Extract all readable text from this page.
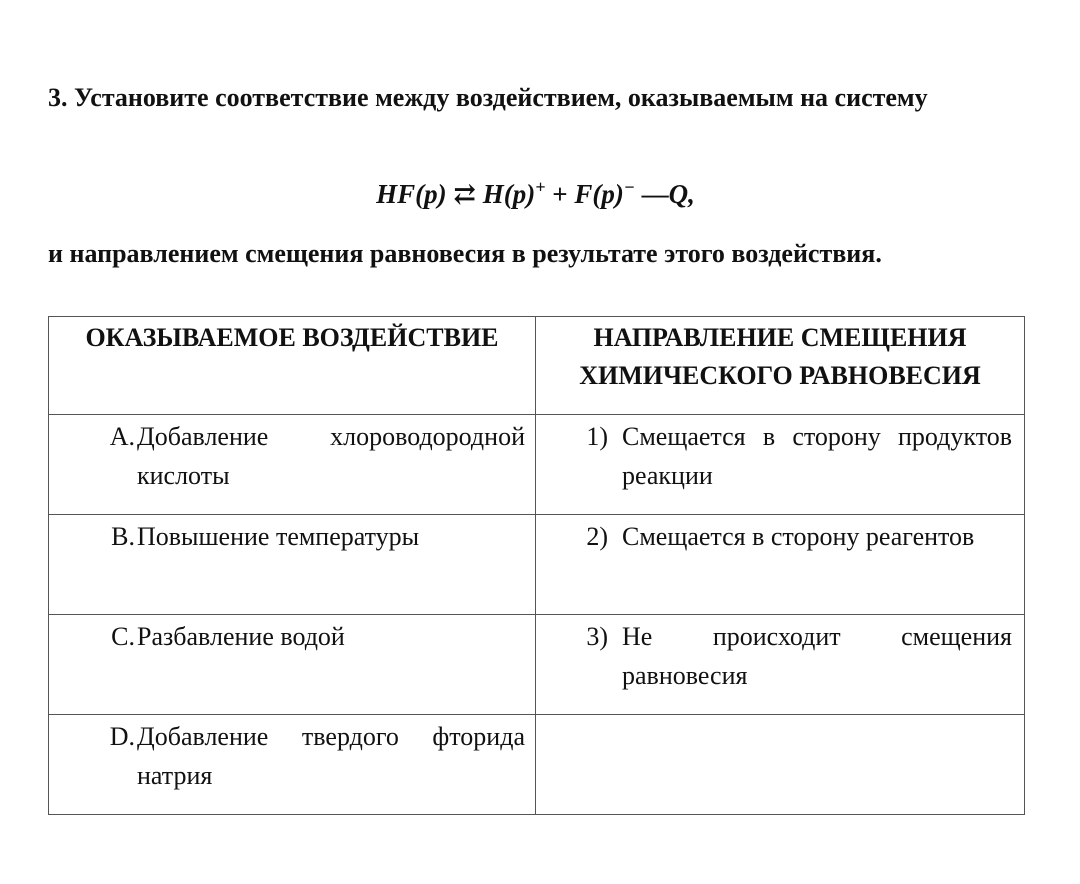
3. Установите соответствие между воздействием, оказываемым на систему
HF(р) ⇄ H(р)+ + F(р)− —Q,
и направлением смещения равновесия в результате этого воздействия.
ОКАЗЫВАЕМОЕ ВОЗДЕЙСТВИЕ	НАПРАВЛЕНИЕ СМЕЩЕНИЯ ХИМИЧЕСКОГО РАВНОВЕСИЯ

A. Добавление хлороводородной кислоты	1) Смещается в сторону продуктов реакции

B. Повышение температуры	2) Смещается в сторону реагентов

C. Разбавление водой	3) Не происходит смещения равновесия

D. Добавление твердого фторида натрия	
